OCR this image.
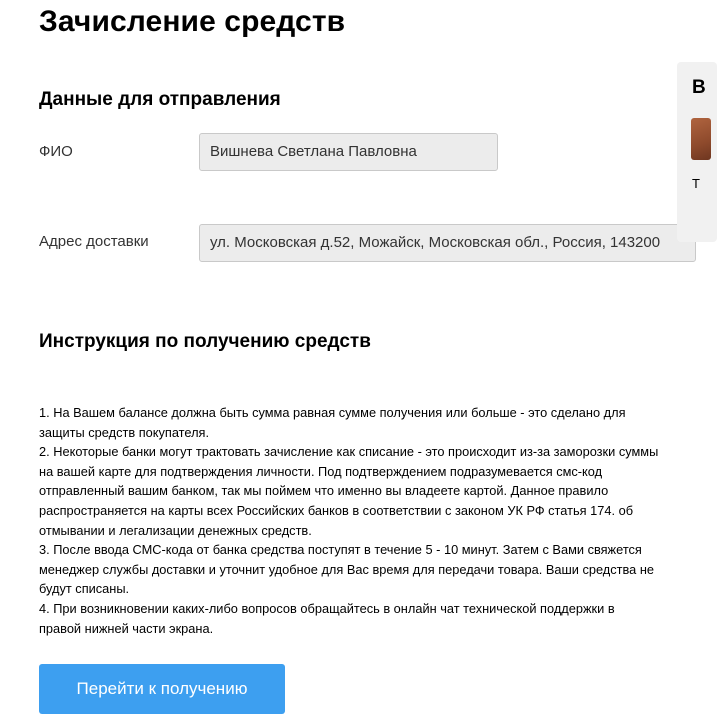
Зачисление средств
Данные для отправления
ФИО	Вишнева Светлана Павловна
Адрес доставки	ул. Московская д.52, Можайск, Московская обл., Россия, 143200
Инструкция по получению средств
1. На Вашем балансе должна быть сумма равная сумме получения или больше - это сделано для защиты средств покупателя.
2. Некоторые банки могут трактовать зачисление как списание - это происходит из-за заморозки суммы на вашей карте для подтверждения личности. Под подтверждением подразумевается смс-код отправленный вашим банком, так мы поймем что именно вы владеете картой. Данное правило распространяется на карты всех Российских банков в соответствии с законом УК РФ статья 174. об отмывании и легализации денежных средств.
3. После ввода СМС-кода от банка средства поступят в течение 5 - 10 минут. Затем с Вами свяжется менеджер службы доставки и уточнит удобное для Вас время для передачи товара. Ваши средства не будут списаны.
4. При возникновении каких-либо вопросов обращайтесь в онлайн чат технической поддержки в правой нижней части экрана.
Перейти к получению
В
Т
